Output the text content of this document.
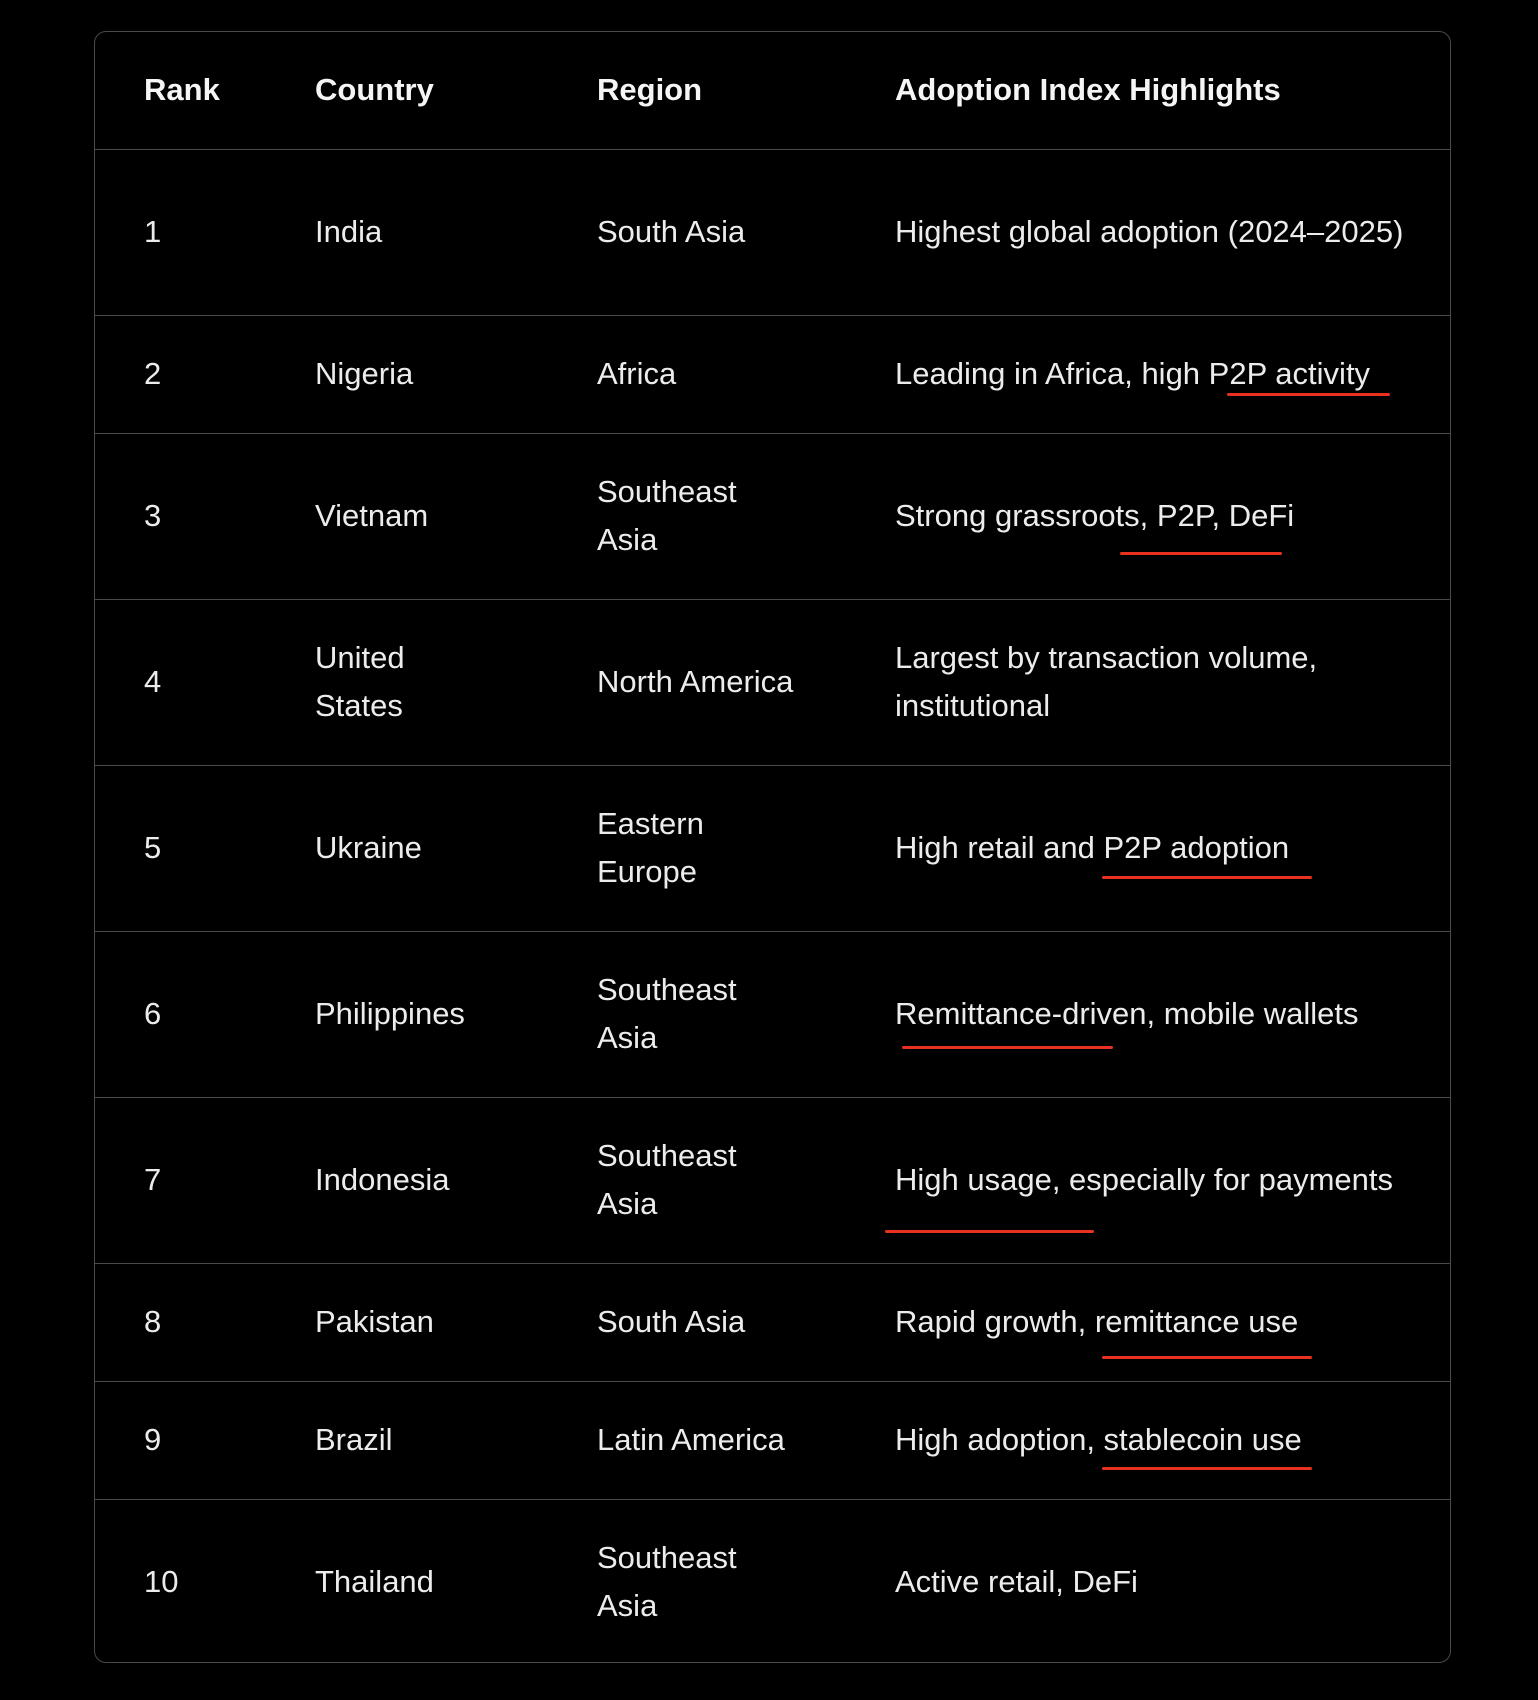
Rank	Country	Region	Adoption Index Highlights
1	India	South Asia	Highest global adoption (2024–2025)
2	Nigeria	Africa	Leading in Africa, high P2P activity
3	Vietnam	Southeast Asia	Strong grassroots, P2P, DeFi
4	United States	North America	Largest by transaction volume, institutional
5	Ukraine	Eastern Europe	High retail and P2P adoption
6	Philippines	Southeast Asia	Remittance-driven, mobile wallets
7	Indonesia	Southeast Asia	High usage, especially for payments
8	Pakistan	South Asia	Rapid growth, remittance use
9	Brazil	Latin America	High adoption, stablecoin use
10	Thailand	Southeast Asia	Active retail, DeFi
